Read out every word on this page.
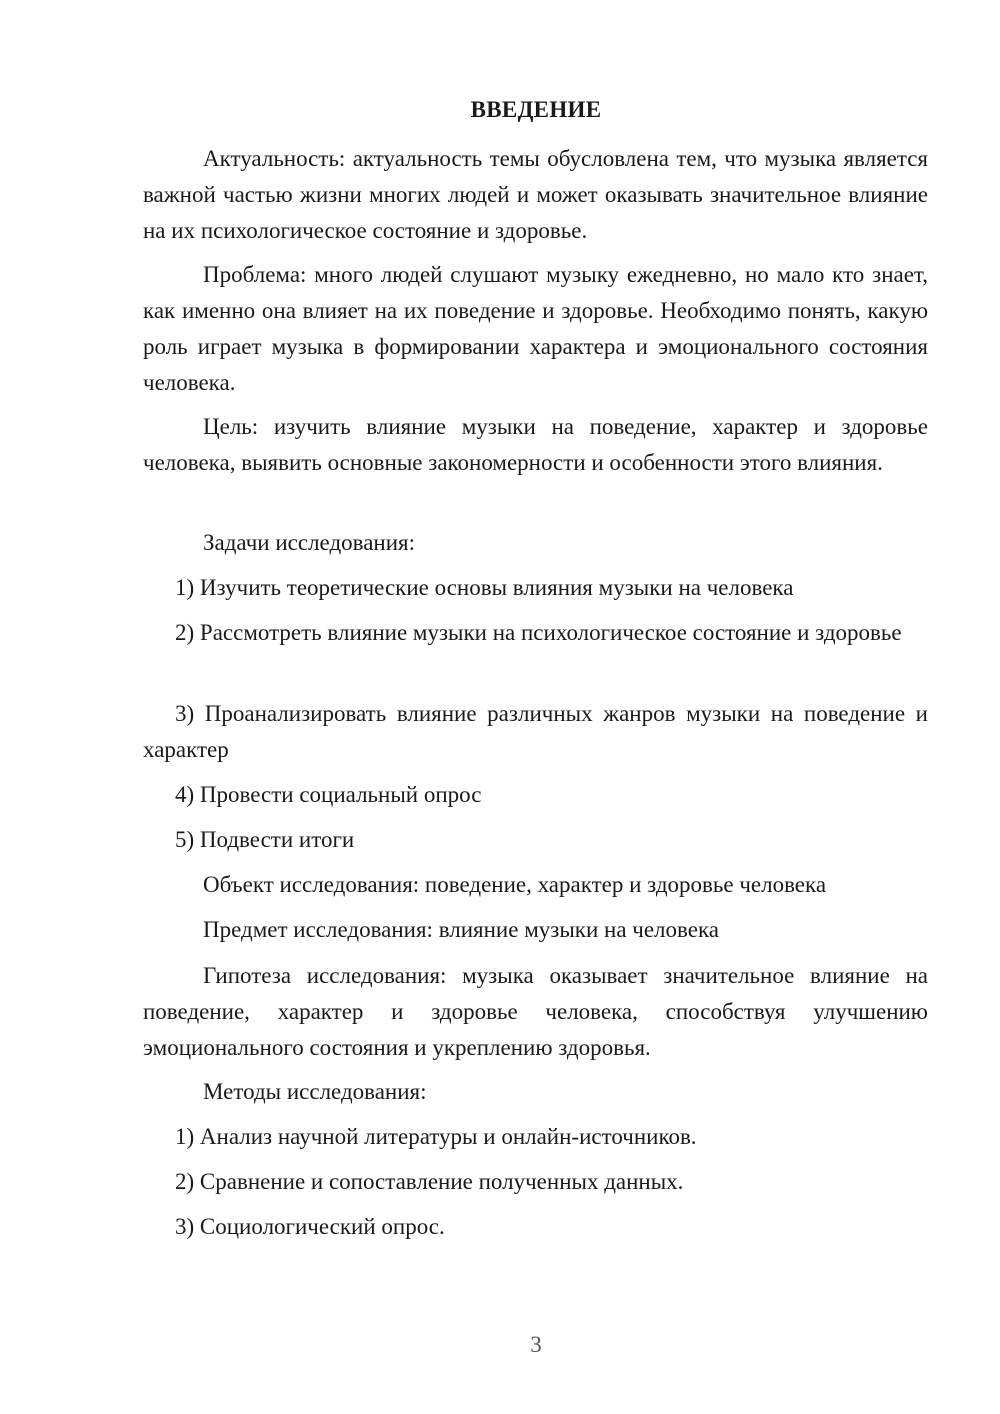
ВВЕДЕНИЕ

Актуальность: актуальность темы обусловлена тем, что музыка является важной частью жизни многих людей и может оказывать значительное влияние на их психологическое состояние и здоровье.

Проблема: много людей слушают музыку ежедневно, но мало кто знает, как именно она влияет на их поведение и здоровье. Необходимо понять, какую роль играет музыка в формировании характера и эмоционального состояния человека.

Цель: изучить влияние музыки на поведение, характер и здоровье человека, выявить основные закономерности и особенности этого влияния.

Задачи исследования:

1) Изучить теоретические основы влияния музыки на человека

2) Рассмотреть влияние музыки на психологическое состояние и здоровье

3) Проанализировать влияние различных жанров музыки на поведение и характер

4) Провести социальный опрос

5) Подвести итоги

Объект исследования: поведение, характер и здоровье человека

Предмет исследования: влияние музыки на человека

Гипотеза исследования: музыка оказывает значительное влияние на поведение, характер и здоровье человека, способствуя улучшению эмоционального состояния и укреплению здоровья.

Методы исследования:

1) Анализ научной литературы и онлайн-источников.

2) Сравнение и сопоставление полученных данных.

3) Социологический опрос.

3
